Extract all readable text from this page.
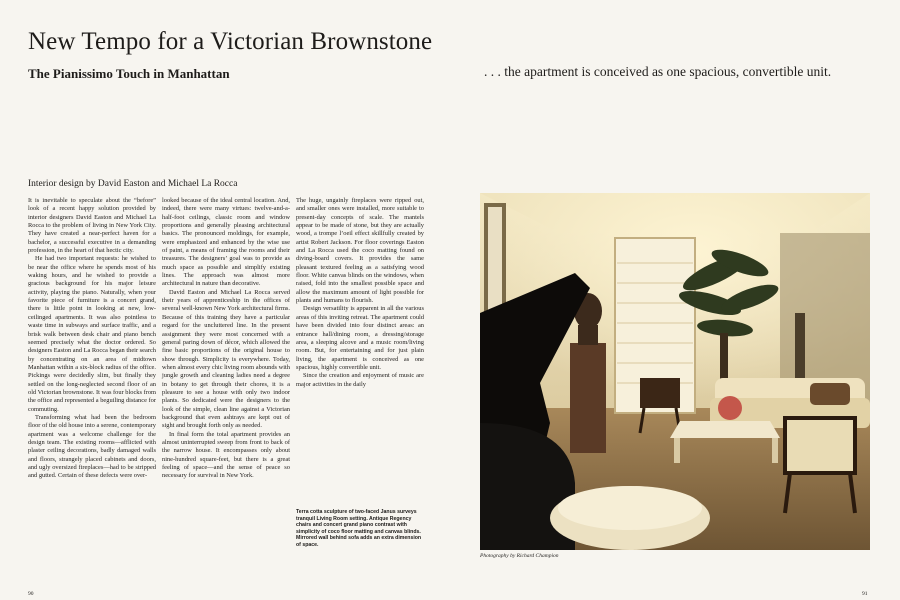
New Tempo for a Victorian Brownstone
The Pianissimo Touch in Manhattan	. . . the apartment is conceived as one spacious, convertible unit.
Interior design by David Easton and Michael La Rocca

It is inevitable to speculate about the “before” look of a recent happy solution provided by interior designers David Easton and Michael La Rocca to the problem of living in New York City. They have created a near-perfect haven for a bachelor, a successful executive in a demanding profession, in the heart of that hectic city.

He had two important requests: he wished to be near the office where he spends most of his waking hours, and he wished to provide a gracious background for his major leisure activity, playing the piano. Naturally, when your favorite piece of furniture is a concert grand, there is little point in looking at new, low-ceilinged apartments. It was also pointless to waste time in subways and surface traffic, and a brisk walk between desk chair and piano bench seemed precisely what the doctor ordered. So designers Easton and La Rocca began their search by concentrating on an area of midtown Manhattan within a six-block radius of the office. Pickings were decidedly slim, but finally they settled on the long-neglected second floor of an old Victorian brownstone. It was four blocks from the office and represented a beguiling distance for commuting.

Transforming what had been the bedroom floor of the old house into a serene, contemporary apartment was a welcome challenge for the design team. The existing rooms—afflicted with plaster ceiling decorations, badly damaged walls and floors, strangely placed cabinets and doors, and ugly oversized fireplaces—had to be stripped and gutted. Certain of these defects were over-

looked because of the ideal central location. And, indeed, there were many virtues: twelve-and-a-half-foot ceilings, classic room and window proportions and generally pleasing architectural basics. The pronounced moldings, for example, were emphasized and enhanced by the wise use of paint, a means of framing the rooms and their treasures. The designers’ goal was to provide as much space as possible and simplify existing lines. The approach was almost more architectural in nature than decorative.

David Easton and Michael La Rocca served their years of apprenticeship in the offices of several well-known New York architectural firms. Because of this training they have a particular regard for the uncluttered line. In the present assignment they were most concerned with a general paring down of décor, which allowed the fine basic proportions of the original house to show through. Simplicity is everywhere. Today, when almost every chic living room abounds with jungle growth and cleaning ladies need a degree in botany to get through their chores, it is a pleasure to see a house with only two indoor plants. So dedicated were the designers to the look of the simple, clean line against a Victorian background that even ashtrays are kept out of sight and brought forth only as needed.

In final form the total apartment provides an almost uninterrupted sweep from front to back of the narrow house. It encompasses only about nine-hundred square-feet, but there is a great feeling of space—and the sense of peace so necessary for survival in New York.

The huge, ungainly fireplaces were ripped out, and smaller ones were installed, more suitable to present-day concepts of scale. The mantels appear to be made of stone, but they are actually wood, a trompe l’oeil effect skillfully created by artist Robert Jackson. For floor coverings Easton and La Rocca used the coco matting found on diving-board covers. It provides the same pleasant textured feeling as a satisfying wood floor. White canvas blinds on the windows, when raised, fold into the smallest possible space and allow the maximum amount of light possible for plants and humans to flourish.

Design versatility is apparent in all the various areas of this inviting retreat. The apartment could have been divided into four distinct areas: an entrance hall/dining room, a dressing/storage area, a sleeping alcove and a music room/living room. But, for entertaining and for just plain living, the apartment is conceived as one spacious, highly convertible unit.

Since the creation and enjoyment of music are major activities in the daily

Terra cotta sculpture of two-faced Janus surveys tranquil Living Room setting. Antique Regency chairs and concert grand piano contrast with simplicity of coco floor matting and canvas blinds. Mirrored wall behind sofa adds an extra dimension of space.
Photography by Richard Champion
90	91
